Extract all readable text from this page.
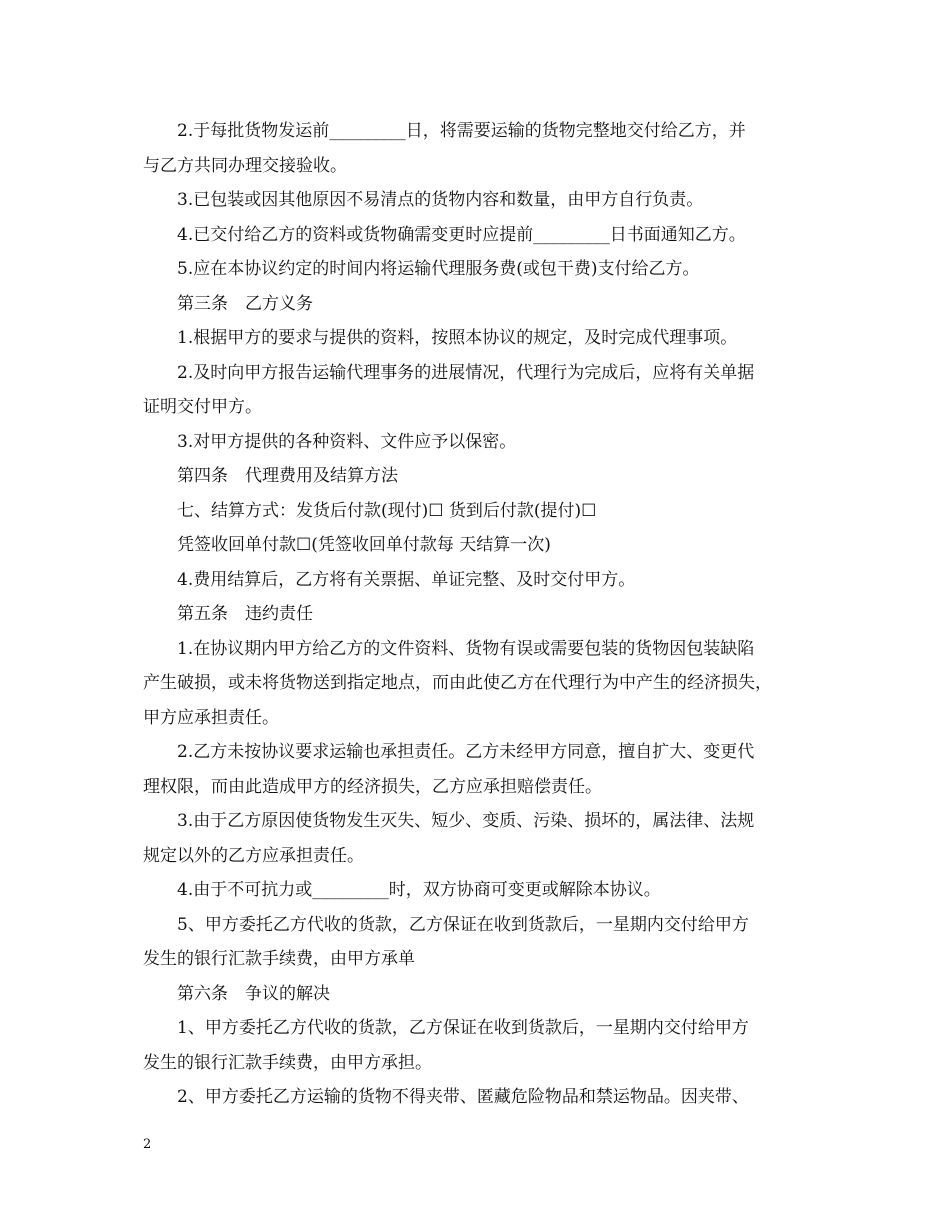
2.于每批货物发运前_________日，将需要运输的货物完整地交付给乙方，并
与乙方共同办理交接验收。
3.已包装或因其他原因不易清点的货物内容和数量，由甲方自行负责。
4.已交付给乙方的资料或货物确需变更时应提前_________日书面通知乙方。
5.应在本协议约定的时间内将运输代理服务费(或包干费)支付给乙方。
第三条　乙方义务
1.根据甲方的要求与提供的资料，按照本协议的规定，及时完成代理事项。
2.及时向甲方报告运输代理事务的进展情况，代理行为完成后，应将有关单据
证明交付甲方。
3.对甲方提供的各种资料、文件应予以保密。
第四条　代理费用及结算方法
七、结算方式：发货后付款(现付)☐ 货到后付款(提付)☐
凭签收回单付款☐(凭签收回单付款每 天结算一次)
4.费用结算后，乙方将有关票据、单证完整、及时交付甲方。
第五条　违约责任
1.在协议期内甲方给乙方的文件资料、货物有误或需要包装的货物因包装缺陷
产生破损，或未将货物送到指定地点，而由此使乙方在代理行为中产生的经济损失，
甲方应承担责任。
2.乙方未按协议要求运输也承担责任。乙方未经甲方同意，擅自扩大、变更代
理权限，而由此造成甲方的经济损失，乙方应承担赔偿责任。
3.由于乙方原因使货物发生灭失、短少、变质、污染、损坏的，属法律、法规
规定以外的乙方应承担责任。
4.由于不可抗力或_________时，双方协商可变更或解除本协议。
5、甲方委托乙方代收的货款，乙方保证在收到货款后，一星期内交付给甲方
发生的银行汇款手续费，由甲方承单
第六条　争议的解决
1、甲方委托乙方代收的货款，乙方保证在收到货款后，一星期内交付给甲方
发生的银行汇款手续费，由甲方承担。
2、甲方委托乙方运输的货物不得夹带、匿藏危险物品和禁运物品。因夹带、
2
